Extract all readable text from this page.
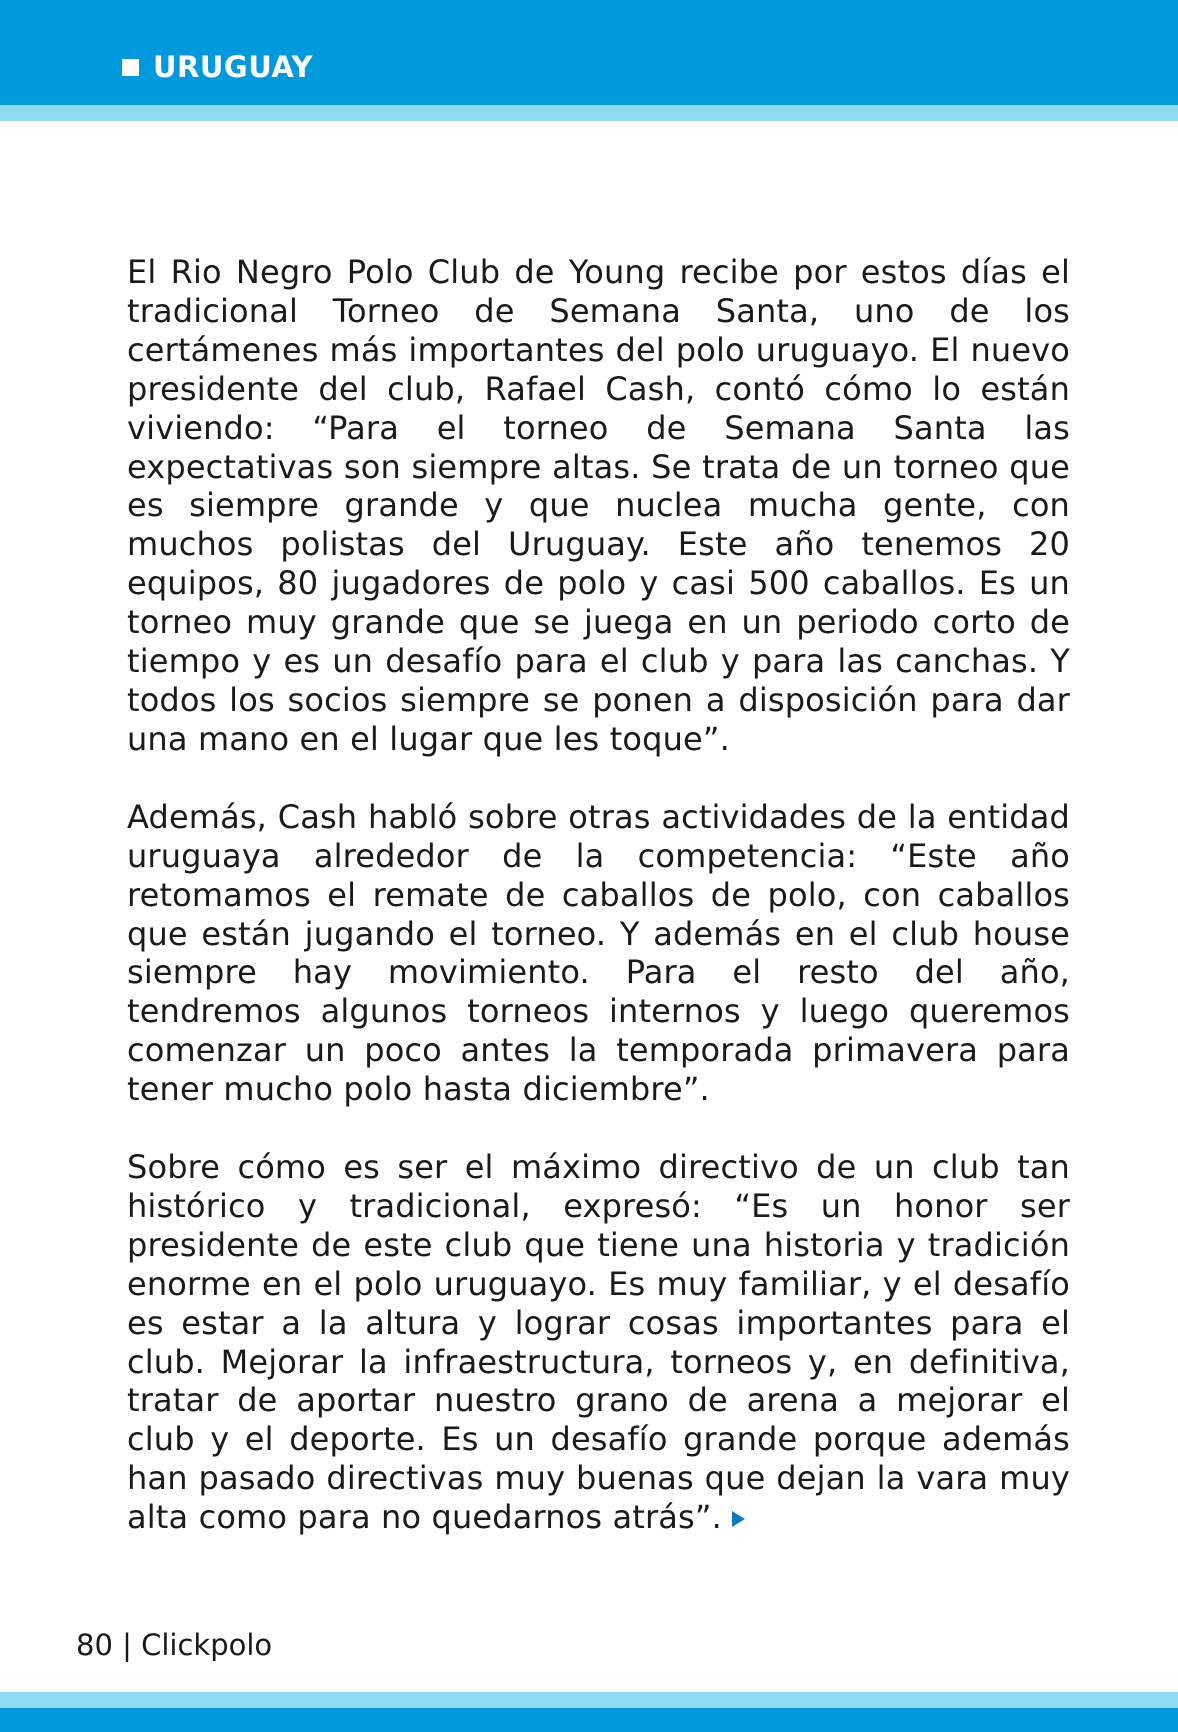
URUGUAY

El Rio Negro Polo Club de Young recibe por estos días el tradicional Torneo de Semana Santa, uno de los certámenes más importantes del polo uruguayo. El nuevo presidente del club, Rafael Cash, contó cómo lo están viviendo: “Para el torneo de Semana Santa las expectativas son siempre altas. Se trata de un torneo que es siempre grande y que nuclea mucha gente, con muchos polistas del Uruguay. Este año tenemos 20 equipos, 80 jugadores de polo y casi 500 caballos. Es un torneo muy grande que se juega en un periodo corto de tiempo y es un desafío para el club y para las canchas. Y todos los socios siempre se ponen a disposición para dar una mano en el lugar que les toque”.

Además, Cash habló sobre otras actividades de la entidad uruguaya alrededor de la competencia: “Este año retomamos el remate de caballos de polo, con caballos que están jugando el torneo. Y además en el club house siempre hay movimiento. Para el resto del año, tendremos algunos torneos internos y luego queremos comenzar un poco antes la temporada primavera para tener mucho polo hasta diciembre”.

Sobre cómo es ser el máximo directivo de un club tan histórico y tradicional, expresó: “Es un honor ser presidente de este club que tiene una historia y tradición enorme en el polo uruguayo. Es muy familiar, y el desafío es estar a la altura y lograr cosas importantes para el club. Mejorar la infraestructura, torneos y, en definitiva, tratar de aportar nuestro grano de arena a mejorar el club y el deporte. Es un desafío grande porque además han pasado directivas muy buenas que dejan la vara muy alta como para no quedarnos atrás”.

80 | Clickpolo
